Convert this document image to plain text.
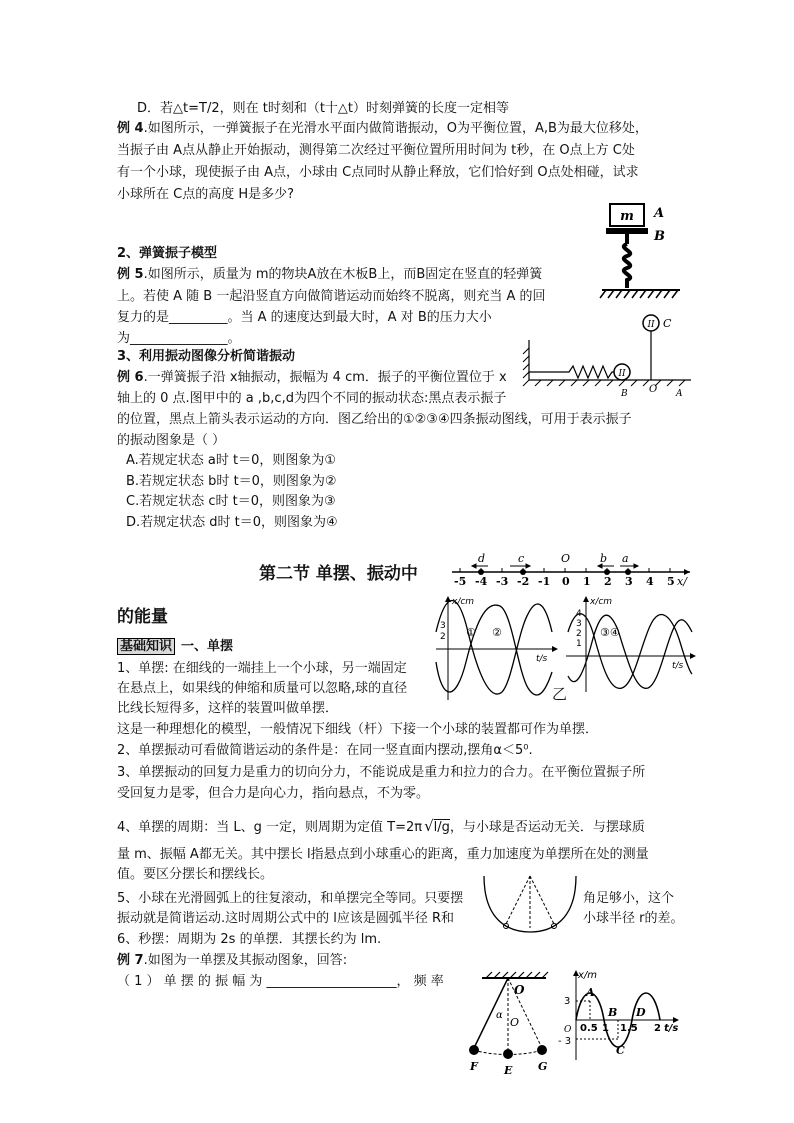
D．若△t=T/2，则在 t时刻和（t十△t）时刻弹簧的长度一定相等
例 4.如图所示，一弹簧振子在光滑水平面内做简谐振动，O为平衡位置，A,B为最大位移处，
当振子由 A点从静止开始振动，测得第二次经过平衡位置所用时间为 t秒，在 O点上方 C处
有一个小球，现使振子由 A点，小球由 C点同时从静止释放，它们恰好到 O点处相碰，试求
小球所在 C点的高度 H是多少?
2、弹簧振子模型
例 5.如图所示，质量为 m的物块A放在木板B上，而B固定在竖直的轻弹簧
上。若使 A 随 B 一起沿竖直方向做简谐运动而始终不脱离，则充当 A 的回
复力的是_________。当 A 的速度达到最大时，A 对 B的压力大小
为_______________。
3、利用振动图像分析简谐振动
例 6.一弹簧振子沿 x轴振动，振幅为 4 cm．振子的平衡位置位于 x
轴上的 0 点.图甲中的 a ,b,c,d为四个不同的振动状态:黑点表示振子
的位置，黑点上箭头表示运动的方向．图乙给出的①②③④四条振动图线，可用于表示振子
的振动图象是（ ）
A.若规定状态 a时 t＝0，则图象为①
B.若规定状态 b时 t＝0，则图象为②
C.若规定状态 c时 t＝0，则图象为③
D.若规定状态 d时 t＝0，则图象为④
第二节 单摆、振动中
的能量
基础知识 一、单摆
1、单摆: 在细线的一端挂上一个小球，另一端固定
在悬点上，如果线的伸缩和质量可以忽略,球的直径
比线长短得多，这样的装置叫做单摆．
这是一种理想化的模型，一般情况下细线（杆）下接一个小球的装置都可作为单摆．
2、单摆振动可看做简谐运动的条件是：在同一竖直面内摆动,摆角α＜5⁰.
3、单摆振动的回复力是重力的切向分力，不能说成是重力和拉力的合力。在平衡位置振子所
受回复力是零，但合力是向心力，指向悬点，不为零。
4、单摆的周期：当 L、g 一定，则周期为定值 T=2π √l/g，与小球是否运动无关．与摆球质
量 m、振幅 A都无关。其中摆长 l指悬点到小球重心的距离，重力加速度为单摆所在处的测量
值。要区分摆长和摆线长。
5、小球在光滑圆弧上的往复滚动，和单摆完全等同。只要摆	角足够小，这个
振动就是简谐运动.这时周期公式中的 l应该是圆弧半径 R和	小球半径 r的差。
6、秒摆：周期为 2s 的单摆．其摆长约为 lm.
例 7.如图为一单摆及其振动图象，回答:
（ 1 ） 单 摆 的 振 幅 为 ____________________， 频 率
m A
B
II C
II
B O A
-5 -4 -3 -2 -1 0 1 2 3 4 5 x/
d	c	O	b a
x/cm
3
2
t/s
① ②
x/cm
4
3
2
1
t/s
③④
乙
O
α
O
F E G
x/m
3
- 3
O
A
B
C
D
0.5 1 1.5 2 t/s
